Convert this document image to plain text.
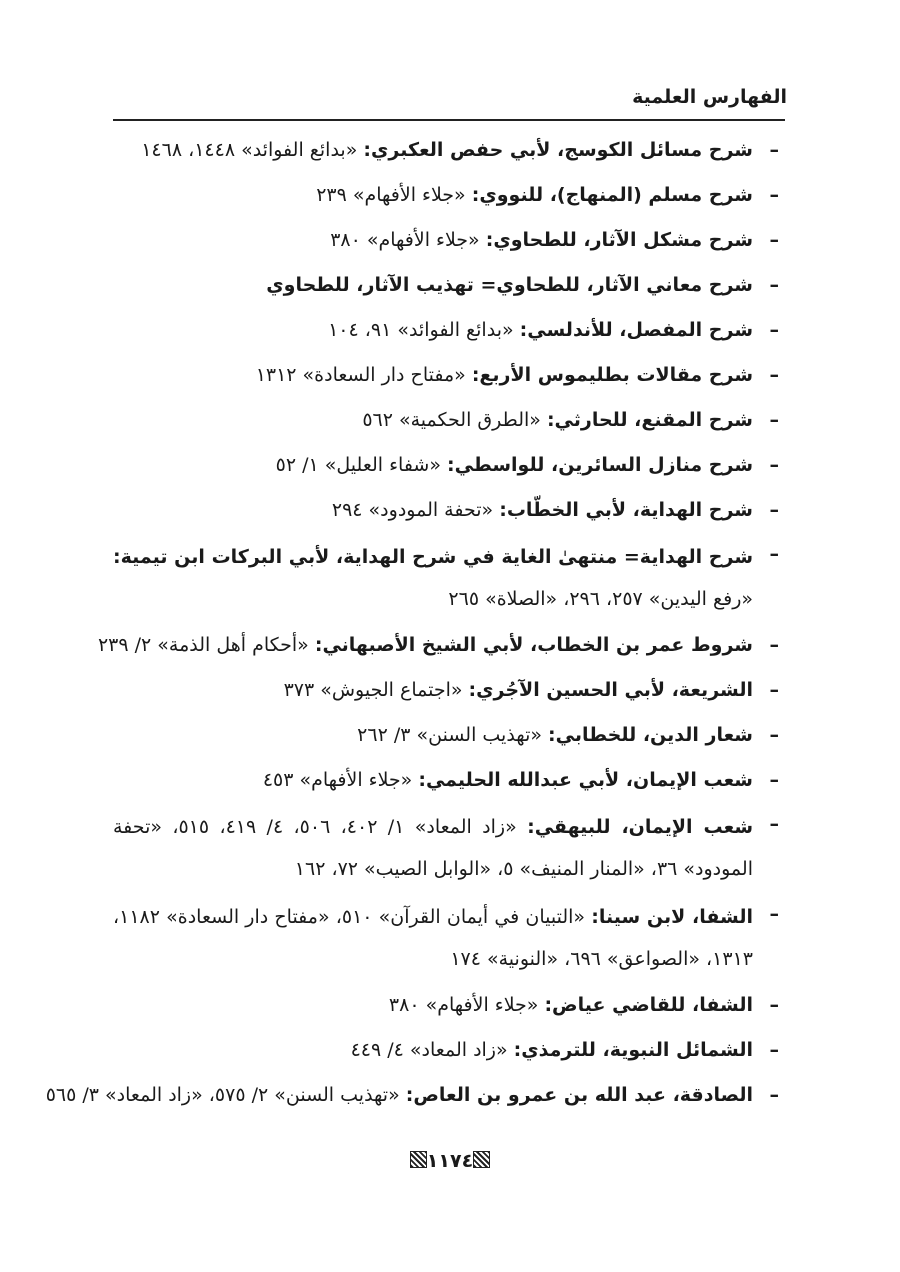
الفهارس العلمية
–
شرح مسائل الكوسج، لأبي حفص العكبري: «بدائع الفوائد» ١٤٤٨، ١٤٦٨
–
شرح مسلم (المنهاج)، للنووي: «جلاء الأفهام» ٢٣٩
–
شرح مشكل الآثار، للطحاوي: «جلاء الأفهام» ٣٨٠
–
شرح معاني الآثار، للطحاوي= تهذيب الآثار، للطحاوي
–
شرح المفصل، للأندلسي: «بدائع الفوائد» ٩١، ١٠٤
–
شرح مقالات بطليموس الأربع: «مفتاح دار السعادة» ١٣١٢
–
شرح المقنع، للحارثي: «الطرق الحكمية» ٥٦٢
–
شرح منازل السائرين، للواسطي: «شفاء العليل» ١/ ٥٢
–
شرح الهداية، لأبي الخطّاب: «تحفة المودود» ٢٩٤
–
شرح الهداية= منتهىٰ الغاية في شرح الهداية، لأبي البركات ابن تيمية: «رفع اليدين» ٢٥٧، ٢٩٦، «الصلاة» ٢٦٥
–
شروط عمر بن الخطاب، لأبي الشيخ الأصبهاني: «أحكام أهل الذمة» ٢/ ٢٣٩
–
الشريعة، لأبي الحسين الآجُري: «اجتماع الجيوش» ٣٧٣
–
شعار الدين، للخطابي: «تهذيب السنن» ٣/ ٢٦٢
–
شعب الإيمان، لأبي عبدالله الحليمي: «جلاء الأفهام» ٤٥٣
–
شعب الإيمان، للبيهقي: «زاد المعاد» ١/ ٤٠٢، ٥٠٦، ٤/ ٤١٩، ٥١٥، «تحفة المودود» ٣٦، «المنار المنيف» ٥، «الوابل الصيب» ٧٢، ١٦٢
–
الشفا، لابن سينا: «التبيان في أيمان القرآن» ٥١٠، «مفتاح دار السعادة» ١١٨٢، ١٣١٣، «الصواعق» ٦٩٦، «النونية» ١٧٤
–
الشفا، للقاضي عياض: «جلاء الأفهام» ٣٨٠
–
الشمائل النبوية، للترمذي: «زاد المعاد» ٤/ ٤٤٩
–
الصادقة، عبد الله بن عمرو بن العاص: «تهذيب السنن» ٢/ ٥٧٥، «زاد المعاد» ٣/ ٥٦٥
١١٧٤
